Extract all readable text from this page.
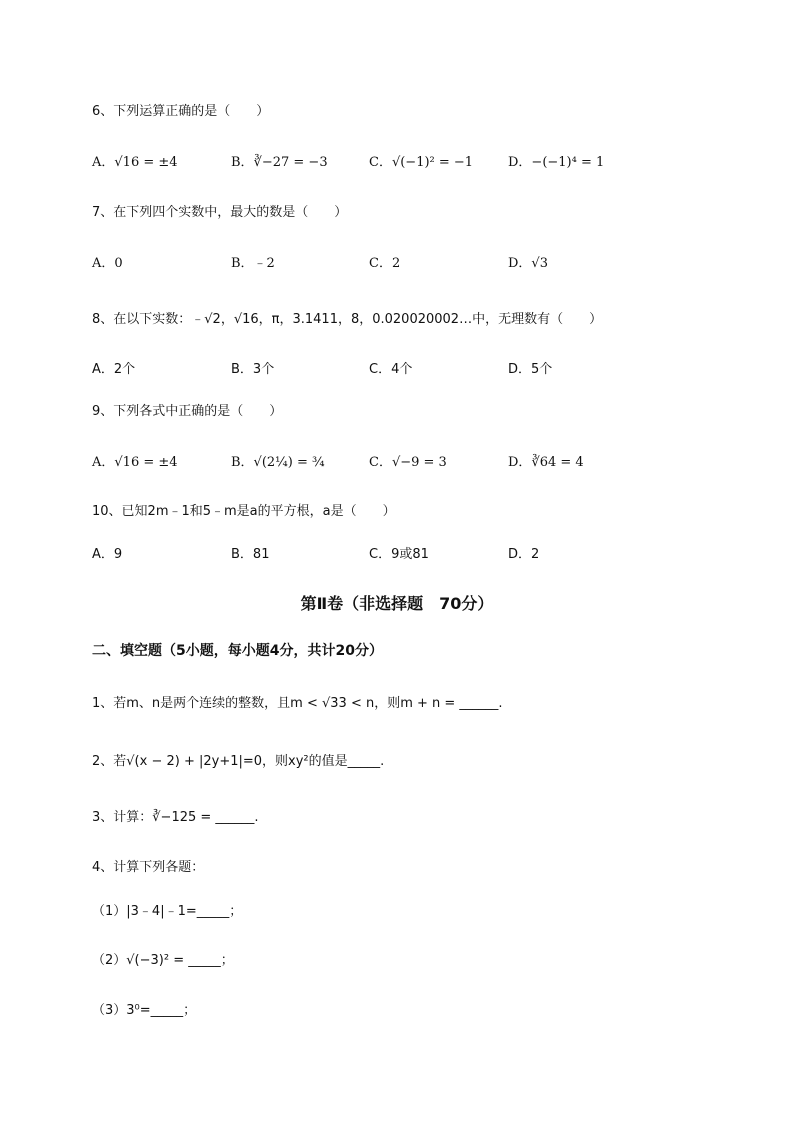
6、下列运算正确的是（　　）
A．√16 = ±4	B．∛−27 = −3	C．√(−1)² = −1	D．−(−1)⁴ = 1
7、在下列四个实数中，最大的数是（　　）
A．0	B．﹣2	C．2	D．√3
8、在以下实数：﹣√2，√16，π，3.1411，8，0.020020002…中，无理数有（　　）
A．2个	B．3个	C．4个	D．5个
9、下列各式中正确的是（　　）
A．√16 = ±4	B．√(2¼) = ¾	C．√−9 = 3	D．∛64 = 4
10、已知2m﹣1和5﹣m是a的平方根，a是（　　）
A．9	B．81	C．9或81	D．2
第Ⅱ卷（非选择题　70分）
二、填空题（5小题，每小题4分，共计20分）
1、若m、n是两个连续的整数，且m < √33 < n，则m + n = ______.
2、若√(x − 2) + |2y+1|=0，则xy²的值是_____.
3、计算：∛−125 = ______.
4、计算下列各题：
（1）|3﹣4|﹣1=_____；
（2）√(−3)² = _____；
（3）3⁰=_____；
